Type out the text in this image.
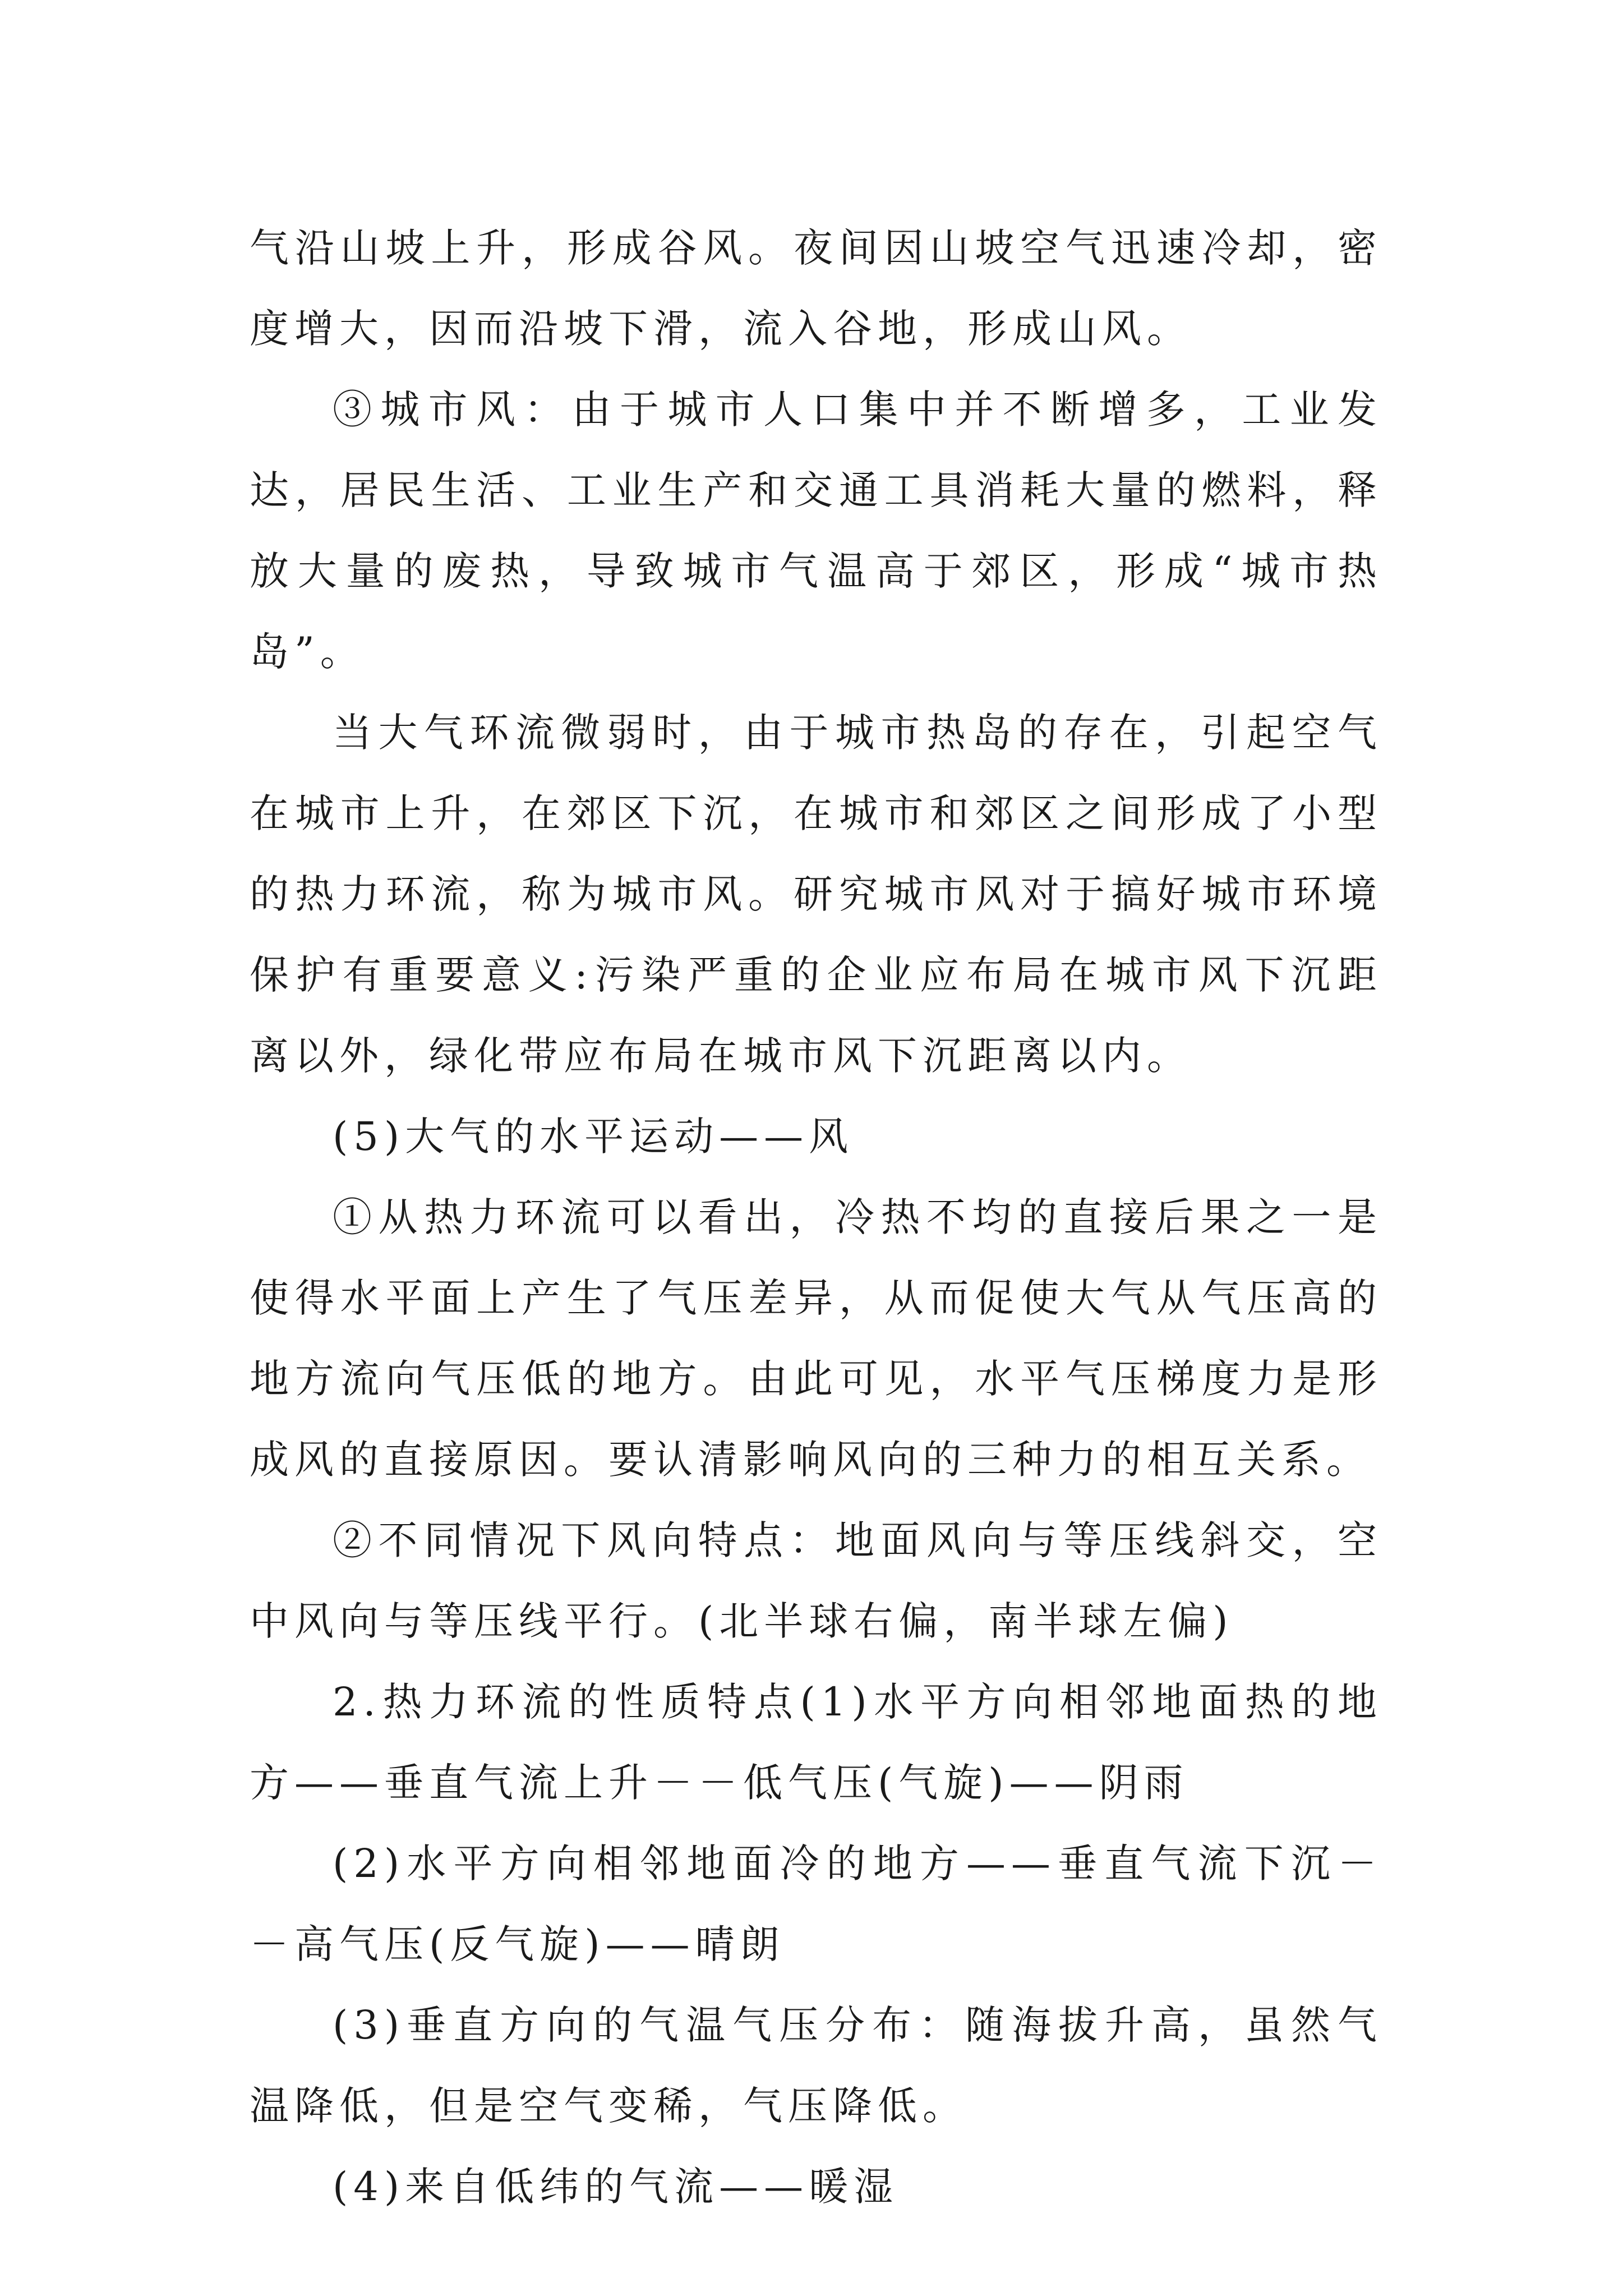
气沿山坡上升，形成谷风。夜间因山坡空气迅速冷却，密度增大，因而沿坡下滑，流入谷地，形成山风。

③城市风：由于城市人口集中并不断增多，工业发达，居民生活、工业生产和交通工具消耗大量的燃料，释放大量的废热，导致城市气温高于郊区，形成“城市热岛”。

当大气环流微弱时，由于城市热岛的存在，引起空气在城市上升，在郊区下沉，在城市和郊区之间形成了小型的热力环流，称为城市风。研究城市风对于搞好城市环境保护有重要意义:污染严重的企业应布局在城市风下沉距离以外，绿化带应布局在城市风下沉距离以内。

(5)大气的水平运动——风

①从热力环流可以看出，冷热不均的直接后果之一是使得水平面上产生了气压差异，从而促使大气从气压高的地方流向气压低的地方。由此可见，水平气压梯度力是形成风的直接原因。要认清影响风向的三种力的相互关系。

②不同情况下风向特点：地面风向与等压线斜交，空中风向与等压线平行。(北半球右偏，南半球左偏)

2.热力环流的性质特点(1)水平方向相邻地面热的地方——垂直气流上升－－低气压(气旋)——阴雨

(2)水平方向相邻地面冷的地方——垂直气流下沉－－高气压(反气旋)——晴朗

(3)垂直方向的气温气压分布：随海拔升高，虽然气温降低，但是空气变稀，气压降低。

(4)来自低纬的气流——暖湿
